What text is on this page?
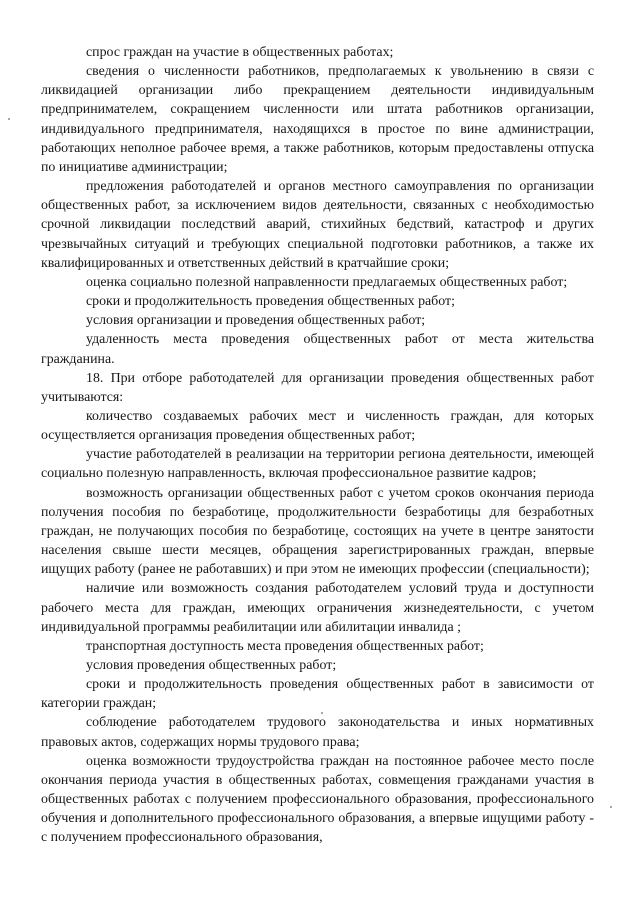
спрос граждан на участие в общественных работах;

сведения о численности работников, предполагаемых к увольнению в связи с ликвидацией организации либо прекращением деятельности индивидуальным предпринимателем, сокращением численности или штата работников организации, индивидуального предпринимателя, находящихся в простое по вине администрации, работающих неполное рабочее время, а также работников, которым предоставлены отпуска по инициативе администрации;

предложения работодателей и органов местного самоуправления по организации общественных работ, за исключением видов деятельности, связанных с необходимостью срочной ликвидации последствий аварий, стихийных бедствий, катастроф и других чрезвычайных ситуаций и требующих специальной подготовки работников, а также их квалифицированных и ответственных действий в кратчайшие сроки;

оценка социально полезной направленности предлагаемых общественных работ;

сроки и продолжительность проведения общественных работ;

условия организации и проведения общественных работ;

удаленность места проведения общественных работ от места жительства гражданина.

18. При отборе работодателей для организации проведения общественных работ учитываются:

количество создаваемых рабочих мест и численность граждан, для которых осуществляется организация проведения общественных работ;

участие работодателей в реализации на территории региона деятельности, имеющей социально полезную направленность, включая профессиональное развитие кадров;

возможность организации общественных работ с учетом сроков окончания периода получения пособия по безработице, продолжительности безработицы для безработных граждан, не получающих пособия по безработице, состоящих на учете в центре занятости населения свыше шести месяцев, обращения зарегистрированных граждан, впервые ищущих работу (ранее не работавших) и при этом не имеющих профессии (специальности);

наличие или возможность создания работодателем условий труда и доступности рабочего места для граждан, имеющих ограничения жизнедеятельности, с учетом индивидуальной программы реабилитации или абилитации инвалида ;

транспортная доступность места проведения общественных работ;

условия проведения общественных работ;

сроки и продолжительность проведения общественных работ в зависимости от категории граждан;

соблюдение работодателем трудового законодательства и иных нормативных правовых актов, содержащих нормы трудового права;

оценка возможности трудоустройства граждан на постоянное рабочее место после окончания периода участия в общественных работах, совмещения гражданами участия в общественных работах с получением профессионального образования, профессионального обучения и дополнительного профессионального образования, а впервые ищущими работу - с получением профессионального образования,
